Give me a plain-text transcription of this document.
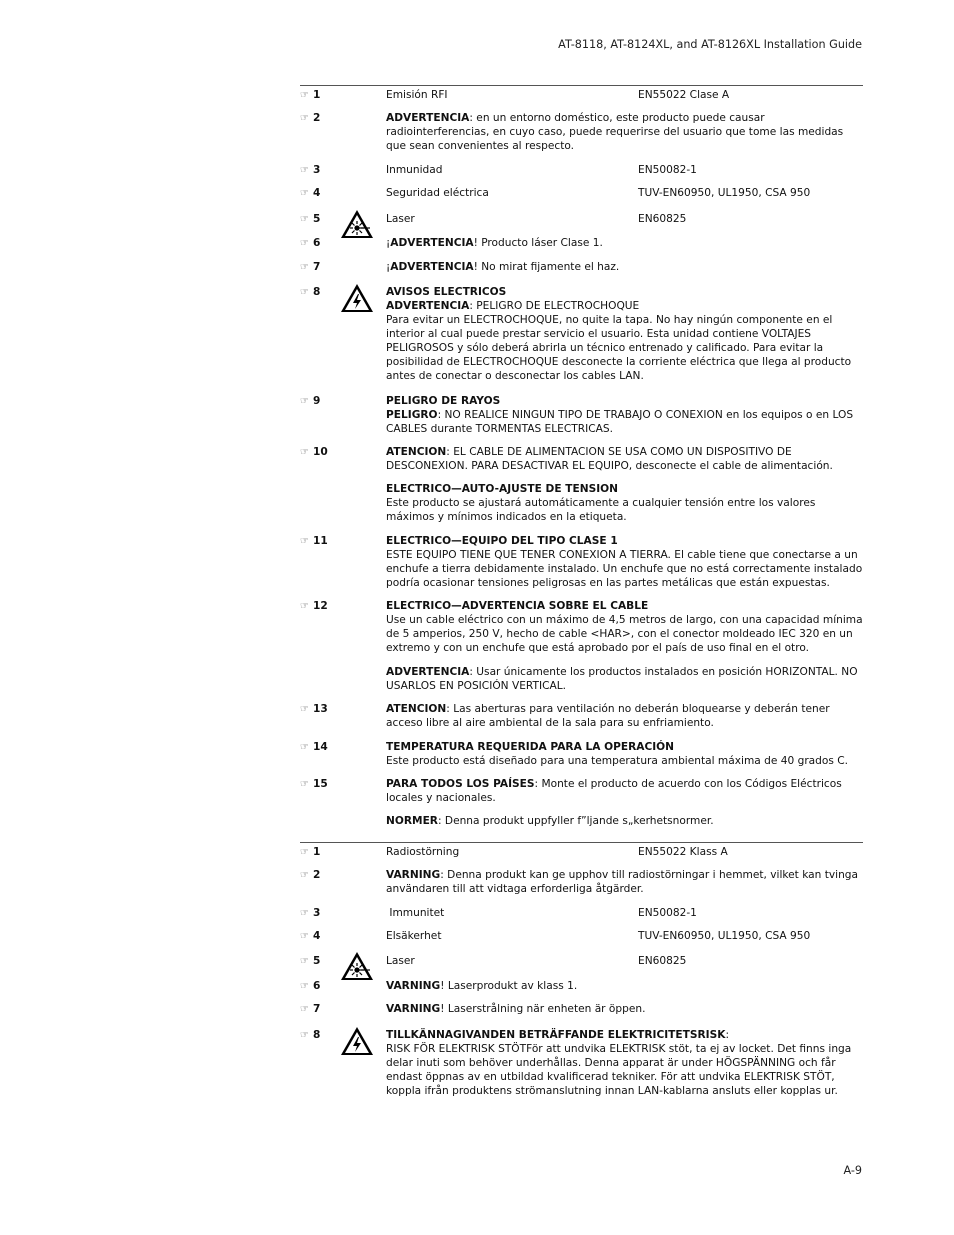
AT-8118, AT-8124XL, and AT-8126XL Installation Guide
☞ 1	Emisión RFI	EN55022 Clase A
☞ 2	ADVERTENCIA: en un entorno doméstico, este producto puede causar radiointerferencias, en cuyo caso, puede requerirse del usuario que tome las medidas que sean convenientes al respecto.

☞ 3	Inmunidad	EN50082-1
☞ 4	Seguridad eléctrica	TUV-EN60950, UL1950, CSA 950
☞ 5	Laser	EN60825
☞ 6	¡ADVERTENCIA! Producto láser Clase 1.

☞ 7	¡ADVERTENCIA! No mirat fijamente el haz.

☞ 8	AVISOS ELECTRICOS

ADVERTENCIA: PELIGRO DE ELECTROCHOQUE

Para evitar un ELECTROCHOQUE, no quite la tapa. No hay ningún componente en el interior al cual puede prestar servicio el usuario. Esta unidad contiene VOLTAJES PELIGROSOS y sólo deberá abrirla un técnico entrenado y calificado. Para evitar la posibilidad de ELECTROCHOQUE desconecte la corriente eléctrica que llega al producto antes de conectar o desconectar los cables LAN.

☞ 9	PELIGRO DE RAYOS

PELIGRO: NO REALICE NINGUN TIPO DE TRABAJO O CONEXION en los equipos o en LOS CABLES durante TORMENTAS ELECTRICAS.

☞ 10	ATENCION: EL CABLE DE ALIMENTACION SE USA COMO UN DISPOSITIVO DE DESCONEXION. PARA DESACTIVAR EL EQUIPO, desconecte el cable de alimentación.

ELECTRICO—AUTO-AJUSTE DE TENSION

Este producto se ajustará automáticamente a cualquier tensión entre los valores máximos y mínimos indicados en la etiqueta.

☞ 11	ELECTRICO—EQUIPO DEL TIPO CLASE 1

ESTE EQUIPO TIENE QUE TENER CONEXION A TIERRA. El cable tiene que conectarse a un enchufe a tierra debidamente instalado. Un enchufe que no está correctamente instalado podría ocasionar tensiones peligrosas en las partes metálicas que están expuestas.

☞ 12	ELECTRICO—ADVERTENCIA SOBRE EL CABLE

Use un cable eléctrico con un máximo de 4,5 metros de largo, con una capacidad mínima de 5 amperios, 250 V, hecho de cable <HAR>, con el conector moldeado IEC 320 en un extremo y con un enchufe que está aprobado por el país de uso final en el otro.

ADVERTENCIA: Usar únicamente los productos instalados en posición HORIZONTAL. NO USARLOS EN POSICIÓN VERTICAL.

☞ 13	ATENCION: Las aberturas para ventilación no deberán bloquearse y deberán tener acceso libre al aire ambiental de la sala para su enfriamiento.

☞ 14	TEMPERATURA REQUERIDA PARA LA OPERACIÓN

Este producto está diseñado para una temperatura ambiental máxima de 40 grados C.

☞ 15	PARA TODOS LOS PAÍSES: Monte el producto de acuerdo con los Códigos Eléctricos locales y nacionales.

NORMER: Denna produkt uppfyller f”ljande s„kerhetsnormer.

☞ 1	Radiostörning	EN55022 Klass A
☞ 2	VARNING: Denna produkt kan ge upphov till radiostörningar i hemmet, vilket kan tvinga användaren till att vidtaga erforderliga åtgärder.

☞ 3	Immunitet	EN50082-1
☞ 4	Elsäkerhet	TUV-EN60950, UL1950, CSA 950
☞ 5	Laser	EN60825
☞ 6	VARNING! Laserprodukt av klass 1.

☞ 7	VARNING! Laserstrålning när enheten är öppen.

☞ 8	TILLKÄNNAGIVANDEN BETRÄFFANDE ELEKTRICITETSRISK:

RISK FÖR ELEKTRISK STÖTFör att undvika ELEKTRISK stöt, ta ej av locket. Det finns inga delar inuti som behöver underhållas. Denna apparat är under HÖGSPÄNNING och får endast öppnas av en utbildad kvalificerad tekniker. För att undvika ELEKTRISK STÖT, koppla ifrån produktens strömanslutning innan LAN-kablarna ansluts eller kopplas ur.

A-9
